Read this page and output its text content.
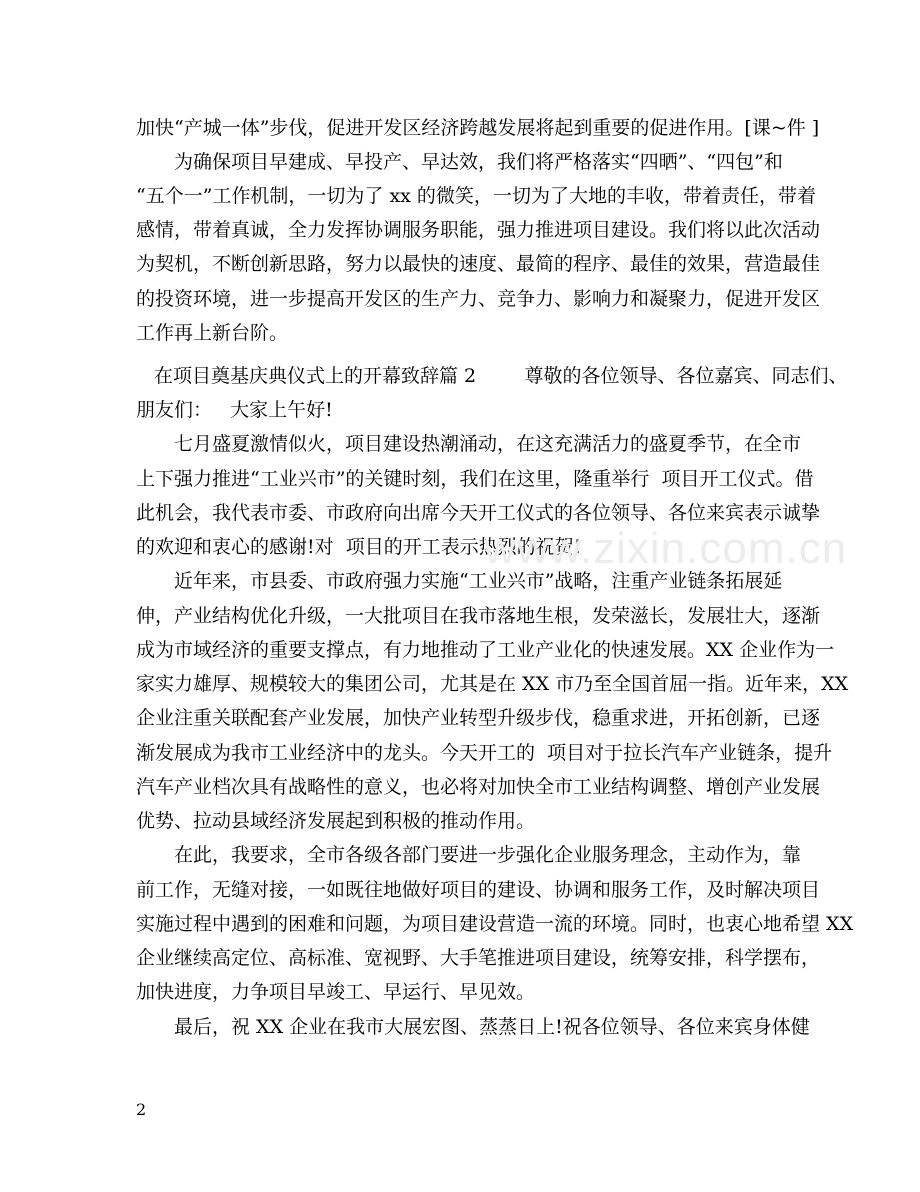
加快“产城一体”步伐，促进开发区经济跨越发展将起到重要的促进作用。[课~件 ]
为确保项目早建成、早投产、早达效，我们将严格落实“四晒”、“四包”和
“五个一”工作机制，一切为了 xx 的微笑，一切为了大地的丰收，带着责任，带着
感情，带着真诚，全力发挥协调服务职能，强力推进项目建设。我们将以此次活动
为契机，不断创新思路，努力以最快的速度、最简的程序、最佳的效果，营造最佳
的投资环境，进一步提高开发区的生产力、竞争力、影响力和凝聚力，促进开发区
工作再上新台阶。
在项目奠基庆典仪式上的开幕致辞篇 2        尊敬的各位领导、各位嘉宾、同志们、
朋友们：   大家上午好!
七月盛夏激情似火，项目建设热潮涌动，在这充满活力的盛夏季节，在全市
上下强力推进“工业兴市”的关键时刻，我们在这里，隆重举行  项目开工仪式。借
此机会，我代表市委、市政府向出席今天开工仪式的各位领导、各位来宾表示诚挚
的欢迎和衷心的感谢!对  项目的开工表示热烈的祝贺!
近年来，市县委、市政府强力实施“工业兴市”战略，注重产业链条拓展延
伸，产业结构优化升级，一大批项目在我市落地生根，发荣滋长，发展壮大，逐渐
成为市域经济的重要支撑点，有力地推动了工业产业化的快速发展。XX 企业作为一
家实力雄厚、规模较大的集团公司，尤其是在 XX 市乃至全国首屈一指。近年来，XX
企业注重关联配套产业发展，加快产业转型升级步伐，稳重求进，开拓创新，已逐
渐发展成为我市工业经济中的龙头。今天开工的  项目对于拉长汽车产业链条，提升
汽车产业档次具有战略性的意义，也必将对加快全市工业结构调整、增创产业发展
优势、拉动县域经济发展起到积极的推动作用。
在此，我要求，全市各级各部门要进一步强化企业服务理念，主动作为，靠
前工作，无缝对接，一如既往地做好项目的建设、协调和服务工作，及时解决项目
实施过程中遇到的困难和问题，为项目建设营造一流的环境。同时，也衷心地希望 XX
企业继续高定位、高标准、宽视野、大手笔推进项目建设，统筹安排，科学摆布，
加快进度，力争项目早竣工、早运行、早见效。
最后，祝 XX 企业在我市大展宏图、蒸蒸日上!祝各位领导、各位来宾身体健
www.zixin.com.cn
2
